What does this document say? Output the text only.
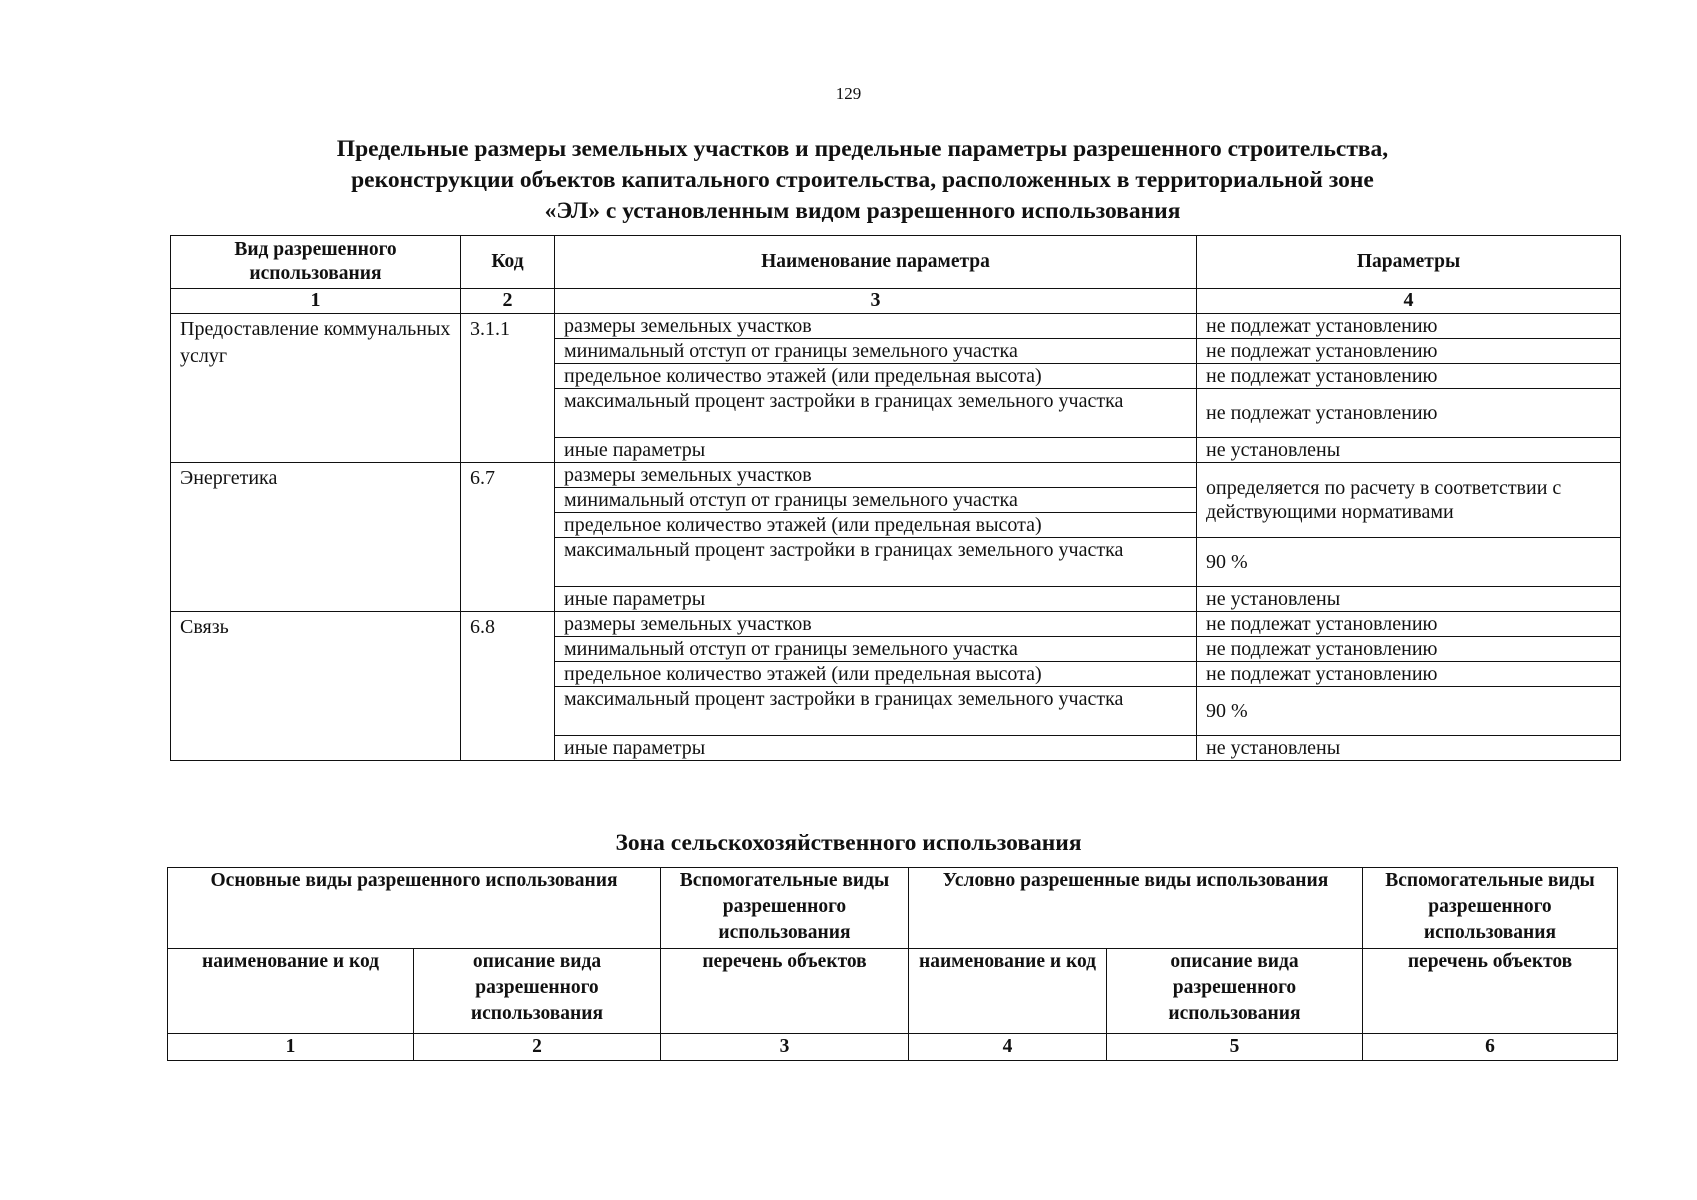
129
Предельные размеры земельных участков и предельные параметры разрешенного строительства,
реконструкции объектов капитального строительства, расположенных в территориальной зоне
«ЭЛ» с установленным видом разрешенного использования
Вид разрешенного использования	Код	Наименование параметра	Параметры
1	2	3	4
Предоставление коммунальных услуг	3.1.1	размеры земельных участков	не подлежат установлению
		минимальный отступ от границы земельного участка	не подлежат установлению
		предельное количество этажей (или предельная высота)	не подлежат установлению
		максимальный процент застройки в границах земельного участка	не подлежат установлению
		иные параметры	не установлены
Энергетика	6.7	размеры земельных участков	определяется по расчету в соответствии с действующими нормативами
		минимальный отступ от границы земельного участка	
		предельное количество этажей (или предельная высота)	
		максимальный процент застройки в границах земельного участка	90 %
		иные параметры	не установлены
Связь	6.8	размеры земельных участков	не подлежат установлению
		минимальный отступ от границы земельного участка	не подлежат установлению
		предельное количество этажей (или предельная высота)	не подлежат установлению
		максимальный процент застройки в границах земельного участка	90 %
		иные параметры	не установлены
Зона сельскохозяйственного использования
Основные виды разрешенного использования		Вспомогательные виды разрешенного использования	Условно разрешенные виды использования		Вспомогательные виды разрешенного использования
наименование и код	описание вида разрешенного использования	перечень объектов	наименование и код	описание вида разрешенного использования	перечень объектов
1	2	3	4	5	6
